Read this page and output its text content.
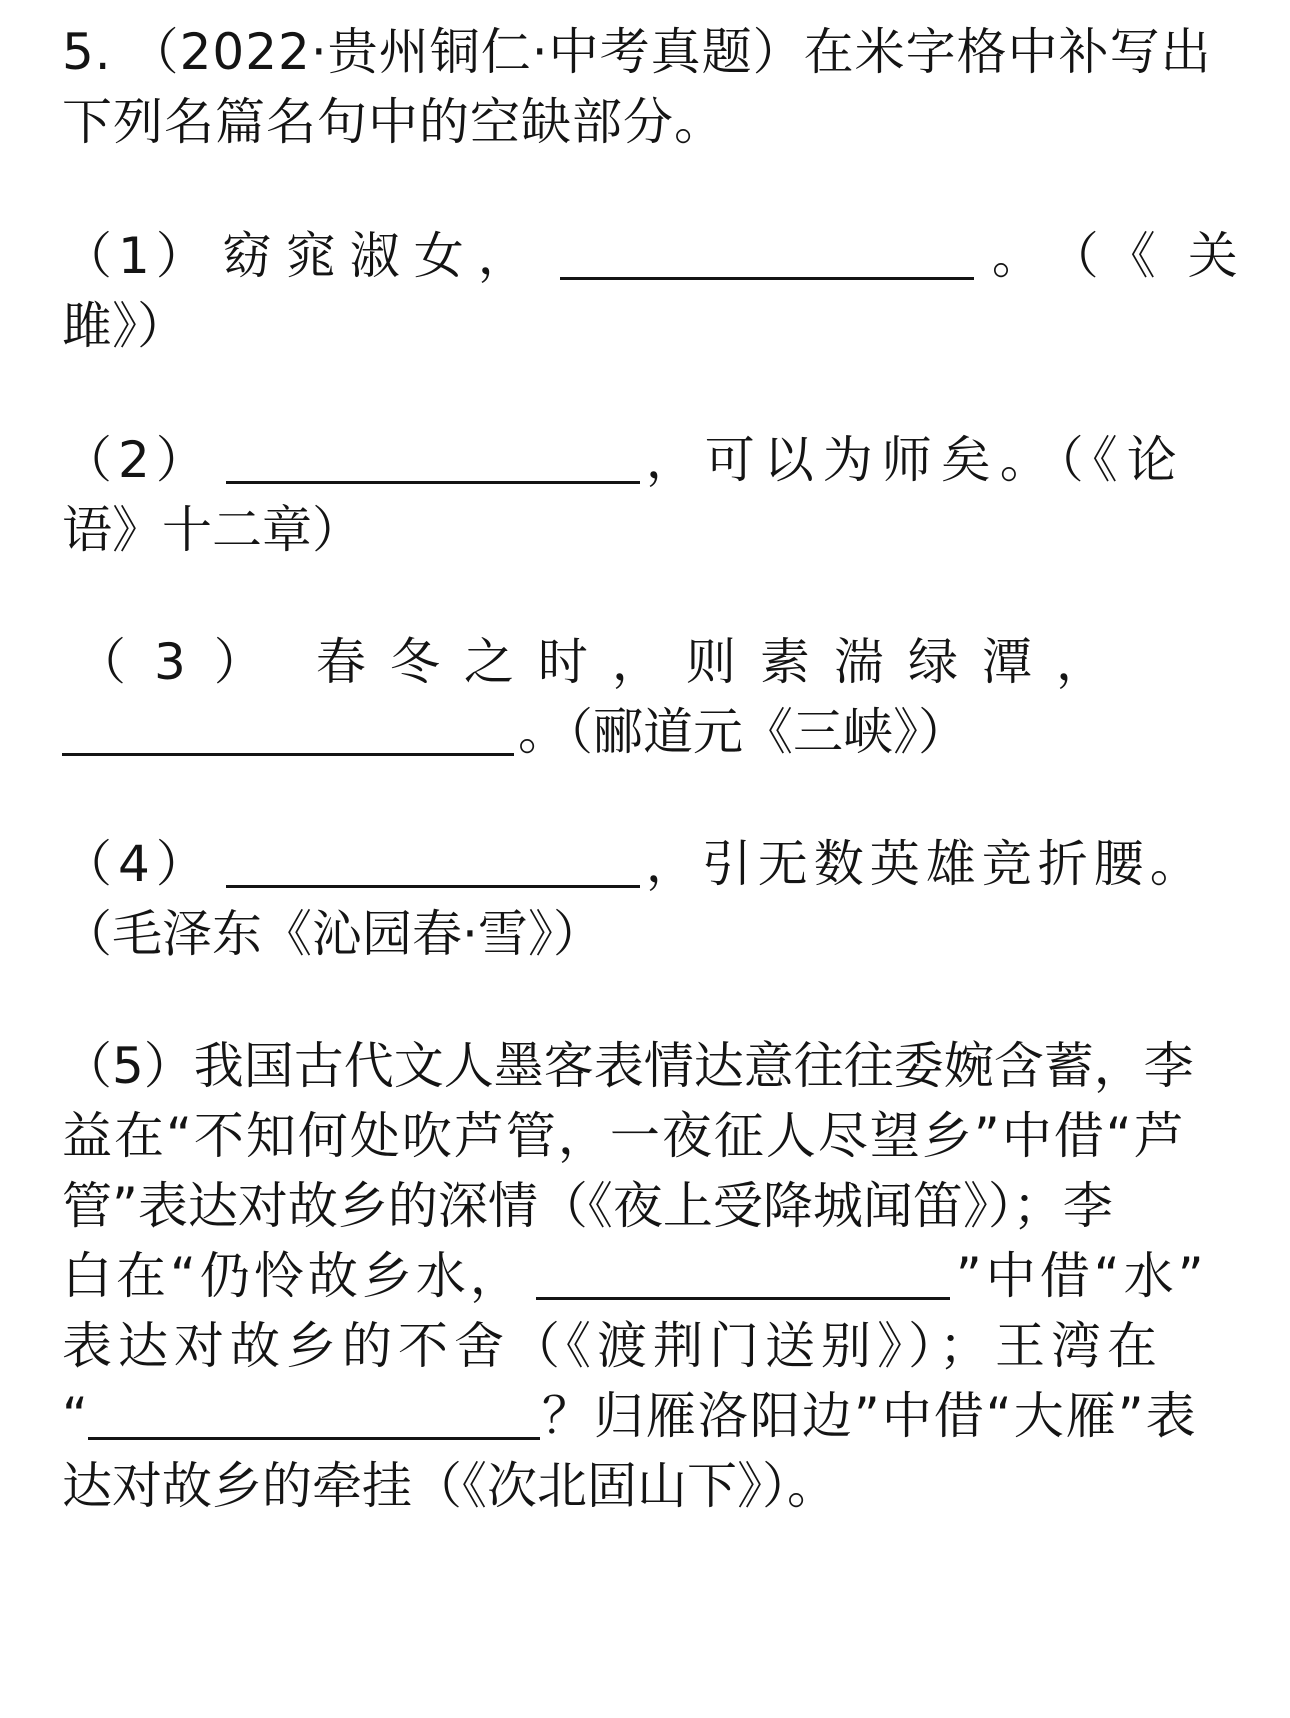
5. （2022·贵州铜仁·中考真题）在米字格中补写出
下列名篇名句中的空缺部分。
（1） 窈窕淑女，	。（《关
雎》）
（2）	，可以为师矣。（《论
语》十二章）
（3） 春 冬 之 时 ， 则 素 湍 绿 潭 ，
。（郦道元《三峡》）
（4）	，引无数英雄竞折腰。
（毛泽东《沁园春·雪》）
（5）我国古代文人墨客表情达意往往委婉含蓄，李
益在“不知何处吹芦管，一夜征人尽望乡”中借“芦
管”表达对故乡的深情（《夜上受降城闻笛》）；李
白在“仍怜故乡水，	”中借“水”
表达对故乡的不舍（《渡荆门送别》）；王湾在
“	？归雁洛阳边”中借“大雁”表
达对故乡的牵挂（《次北固山下》）。
